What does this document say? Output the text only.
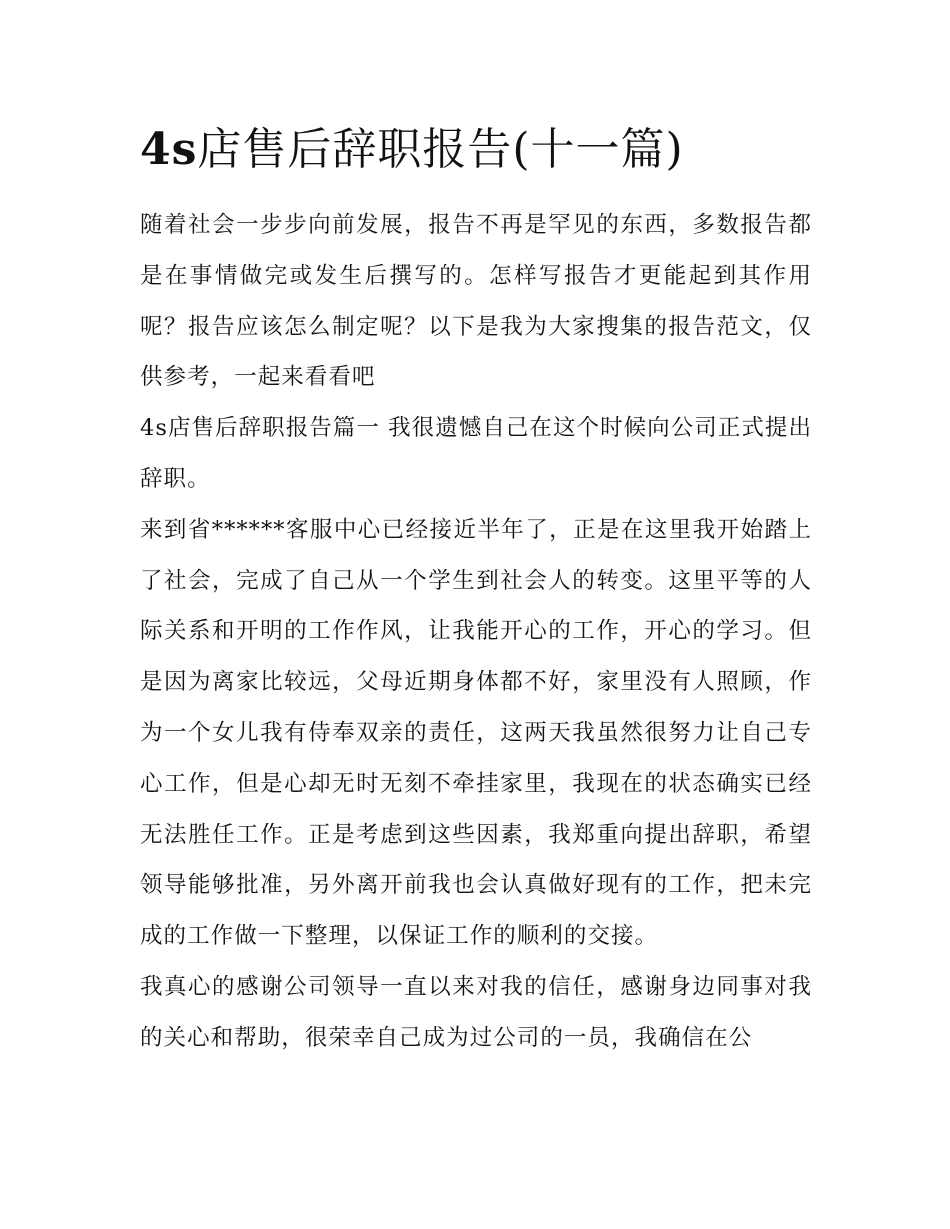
4s店售后辞职报告(十一篇)

随着社会一步步向前发展，报告不再是罕见的东西，多数报告都是在事情做完或发生后撰写的。怎样写报告才更能起到其作用呢？报告应该怎么制定呢？以下是我为大家搜集的报告范文，仅供参考，一起来看看吧

4s店售后辞职报告篇一 我很遗憾自己在这个时候向公司正式提出辞职。

来到省******客服中心已经接近半年了，正是在这里我开始踏上了社会，完成了自己从一个学生到社会人的转变。这里平等的人际关系和开明的工作作风，让我能开心的工作，开心的学习。但是因为离家比较远，父母近期身体都不好，家里没有人照顾，作为一个女儿我有侍奉双亲的责任，这两天我虽然很努力让自己专心工作，但是心却无时无刻不牵挂家里，我现在的状态确实已经无法胜任工作。正是考虑到这些因素，我郑重向提出辞职，希望领导能够批准，另外离开前我也会认真做好现有的工作，把未完成的工作做一下整理，以保证工作的顺利的交接。

我真心的感谢公司领导一直以来对我的信任，感谢身边同事对我的关心和帮助，很荣幸自己成为过公司的一员，我确信在公
